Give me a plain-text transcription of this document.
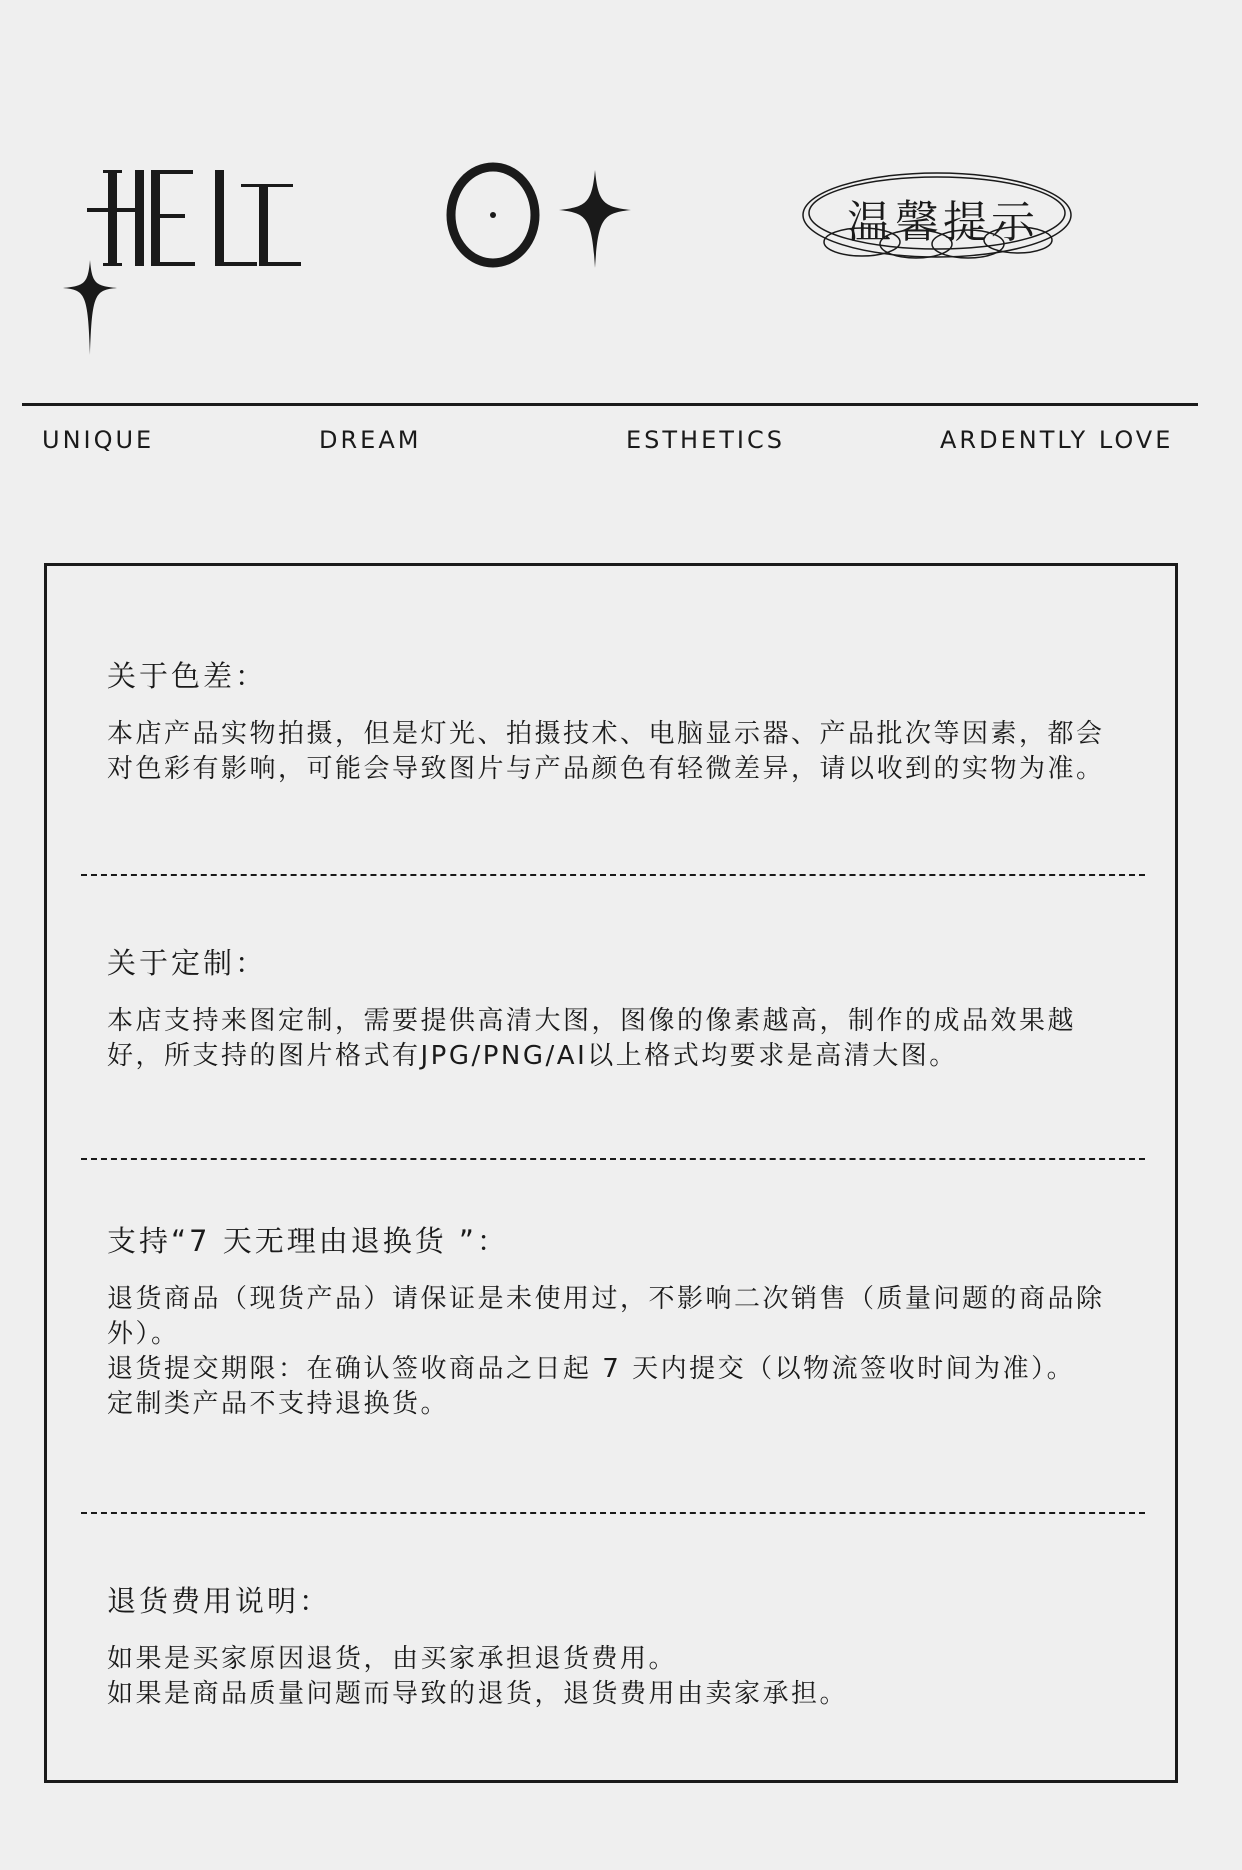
温馨提示
UNIQUE	DREAM	ESTHETICS	ARDENTLY LOVE
关于色差：

本店产品实物拍摄，但是灯光、拍摄技术、电脑显示器、产品批次等因素，都会对色彩有影响，可能会导致图片与产品颜色有轻微差异，请以收到的实物为准。

关于定制：

本店支持来图定制，需要提供高清大图，图像的像素越高，制作的成品效果越好，所支持的图片格式有JPG/PNG/AI以上格式均要求是高清大图。

支持“7 天无理由退换货 ”：

退货商品（现货产品）请保证是未使用过，不影响二次销售（质量问题的商品除外）。

退货提交期限：在确认签收商品之日起 7 天内提交（以物流签收时间为准）。

定制类产品不支持退换货。

退货费用说明：

如果是买家原因退货，由买家承担退货费用。

如果是商品质量问题而导致的退货，退货费用由卖家承担。
